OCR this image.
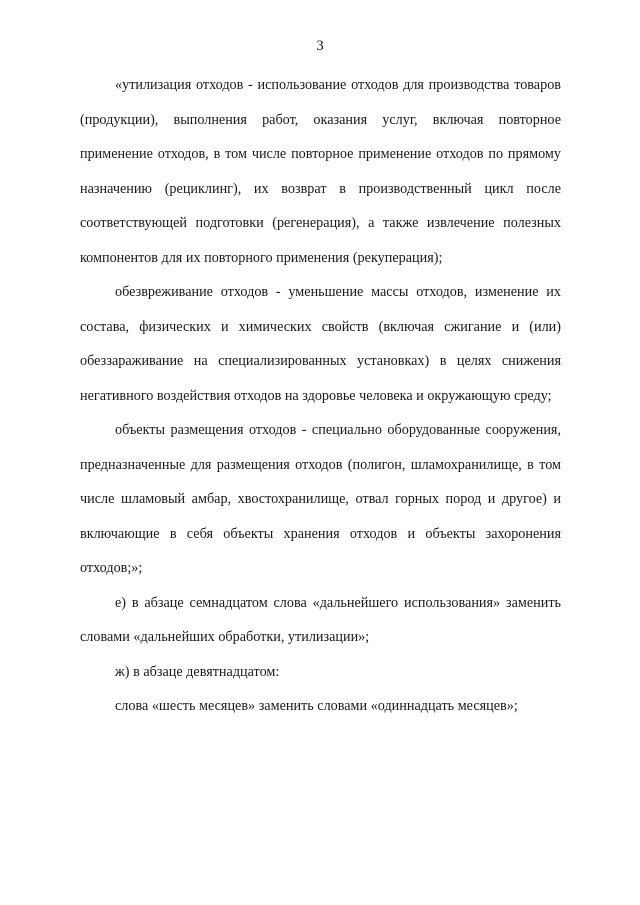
3

«утилизация отходов - использование отходов для производства товаров (продукции), выполнения работ, оказания услуг, включая повторное применение отходов, в том числе повторное применение отходов по прямому назначению (рециклинг), их возврат в производственный цикл после соответствующей подготовки (регенерация), а также извлечение полезных компонентов для их повторного применения (рекуперация);

обезвреживание отходов - уменьшение массы отходов, изменение их состава, физических и химических свойств (включая сжигание и (или) обеззараживание на специализированных установках) в целях снижения негативного воздействия отходов на здоровье человека и окружающую среду;

объекты размещения отходов - специально оборудованные сооружения, предназначенные для размещения отходов (полигон, шламохранилище, в том числе шламовый амбар, хвостохранилище, отвал горных пород и другое) и включающие в себя объекты хранения отходов и объекты захоронения отходов;»;

е) в абзаце семнадцатом слова «дальнейшего использования» заменить словами «дальнейших обработки, утилизации»;

ж) в абзаце девятнадцатом:

слова «шесть месяцев» заменить словами «одиннадцать месяцев»;
